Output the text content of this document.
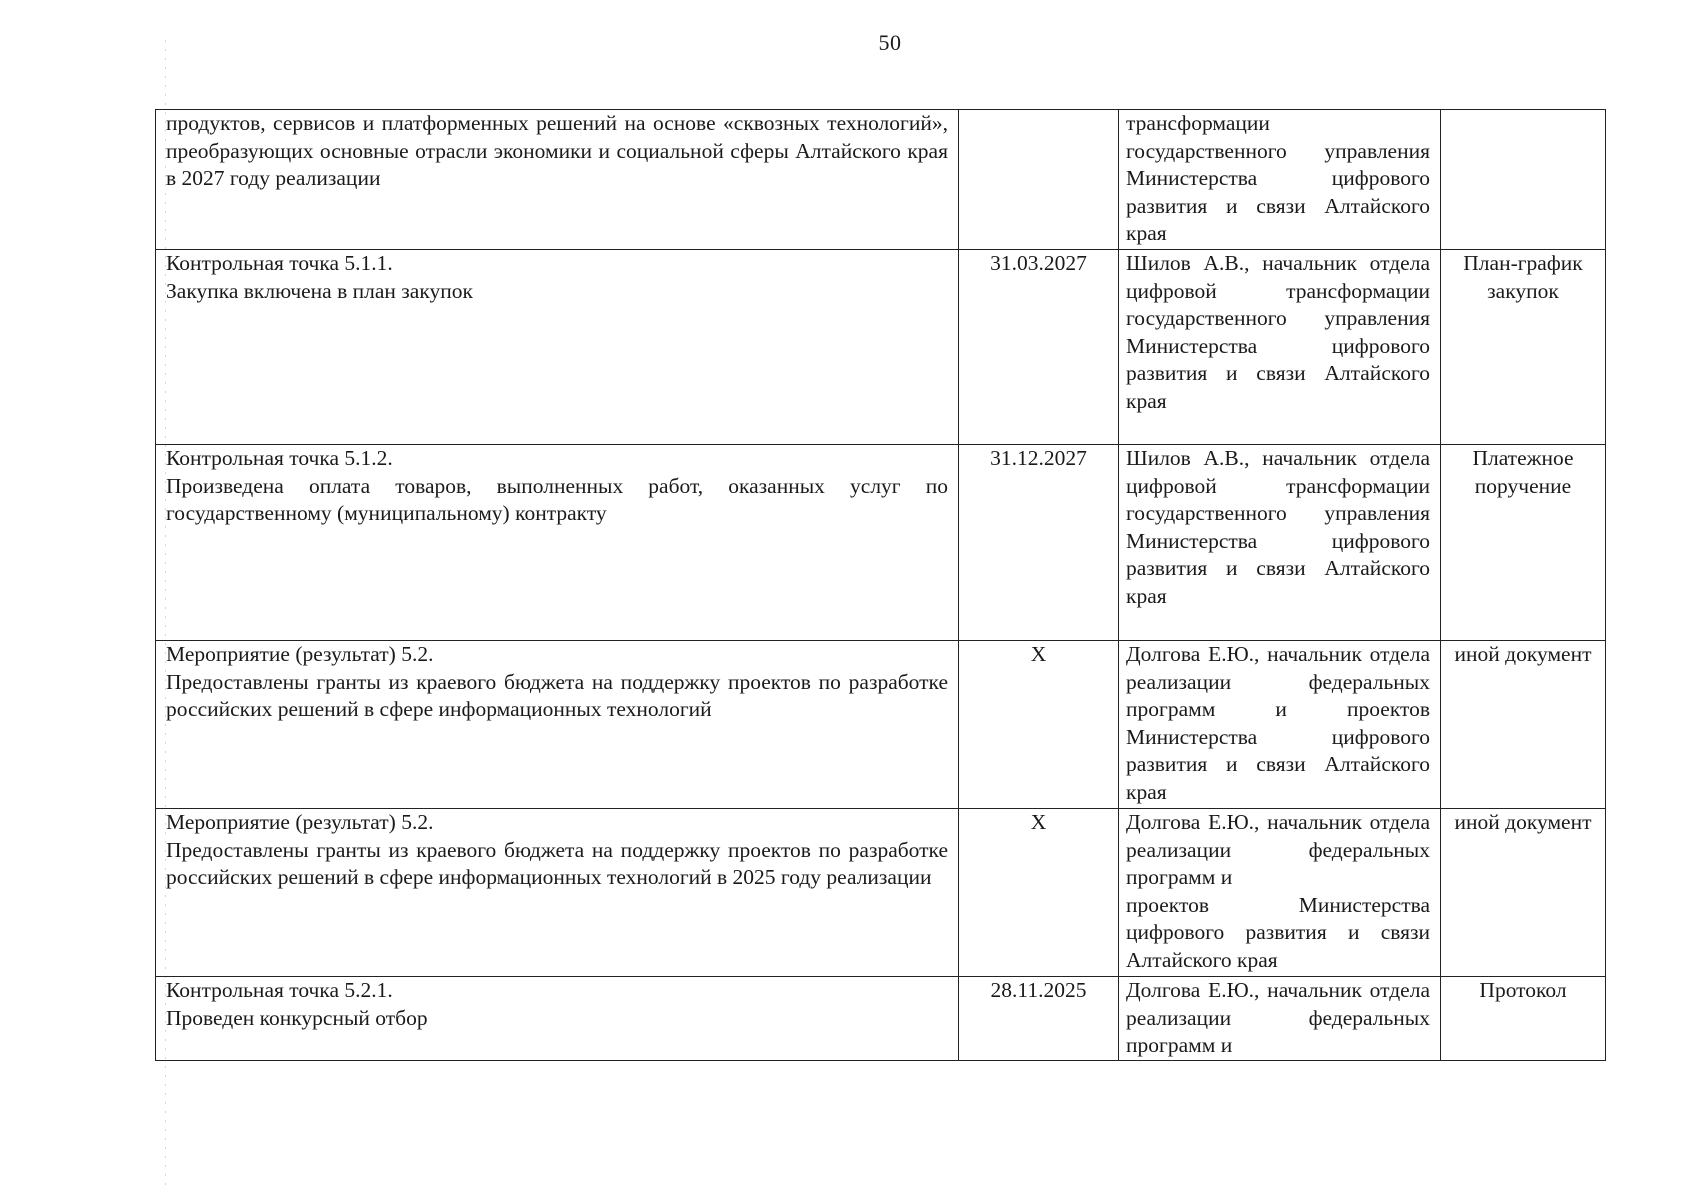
50
продуктов, сервисов и платформенных решений на основе «сквозных технологий», преобразующих основные отрасли экономики и социальной сферы Алтайского края в 2027 году реализации		трансформации государственного управления Министерства цифрового развития и связи Алтайского края	

Контрольная точка 5.1.1.
Закупка включена в план закупок	31.03.2027	Шилов А.В., начальник отдела цифровой трансформации государственного управления Министерства цифрового развития и связи Алтайского края	План-график закупок

Контрольная точка 5.1.2.
Произведена оплата товаров, выполненных работ, оказанных услуг по государственному (муниципальному) контракту	31.12.2027	Шилов А.В., начальник отдела цифровой трансформации государственного управления Министерства цифрового развития и связи Алтайского края	Платежное поручение

Мероприятие (результат) 5.2.
Предоставлены гранты из краевого бюджета на поддержку проектов по разработке российских решений в сфере информационных технологий	X	Долгова Е.Ю., начальник отдела реализации федеральных программ и проектов Министерства цифрового развития и связи Алтайского края	иной документ

Мероприятие (результат) 5.2.
Предоставлены гранты из краевого бюджета на поддержку проектов по разработке российских решений в сфере информационных технологий в 2025 году реализации	X	Долгова Е.Ю., начальник отдела реализации федеральных программ и
проектов Министерства цифрового развития и связи Алтайского края	иной документ

Контрольная точка 5.2.1.
Проведен конкурсный отбор	28.11.2025	Долгова Е.Ю., начальник отдела реализации федеральных программ и	Протокол
